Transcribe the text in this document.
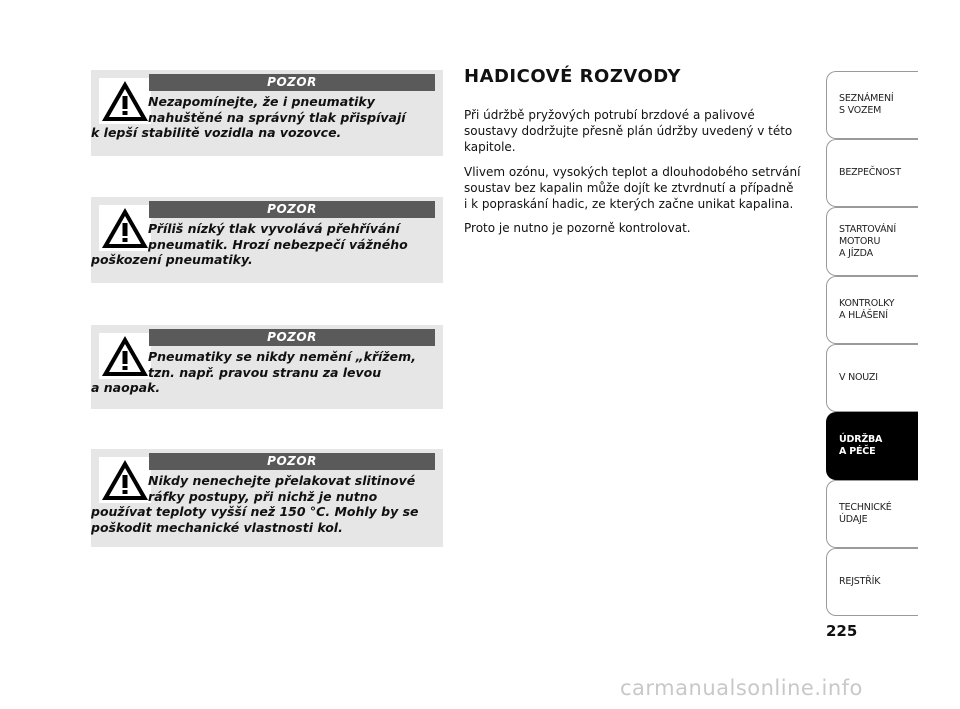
POZOR
Nezapomínejte, že i pneumatiky
nahuštěné na správný tlak přispívají
k lepší stabilitě vozidla na vozovce.
POZOR
Příliš nízký tlak vyvolává přehřívání
pneumatik. Hrozí nebezpečí vážného
poškození pneumatiky.
POZOR
Pneumatiky se nikdy nemění „křížem,
tzn. např. pravou stranu za levou
a naopak.
POZOR
Nikdy nenechejte přelakovat slitinové
ráfky postupy, při nichž je nutno
používat teploty vyšší než 150 °C. Mohly by se
poškodit mechanické vlastnosti kol.
HADICOVÉ ROZVODY
Při údržbě pryžových potrubí brzdové a palivové
soustavy dodržujte přesně plán údržby uvedený v této
kapitole.
Vlivem ozónu, vysokých teplot a dlouhodobého setrvání
soustav bez kapalin může dojít ke ztvrdnutí a případně
i k popraskání hadic, ze kterých začne unikat kapalina.
Proto je nutno je pozorně kontrolovat.
SEZNÁMENÍ
S VOZEM
BEZPEČNOST
STARTOVÁNÍ
MOTORU
A JÍZDA
KONTROLKY
A HLÁŠENÍ
V NOUZI
ÚDRŽBA
A PÉČE
TECHNICKÉ
ÚDAJE
REJSTŘÍK
225
carmanualsonline.info
